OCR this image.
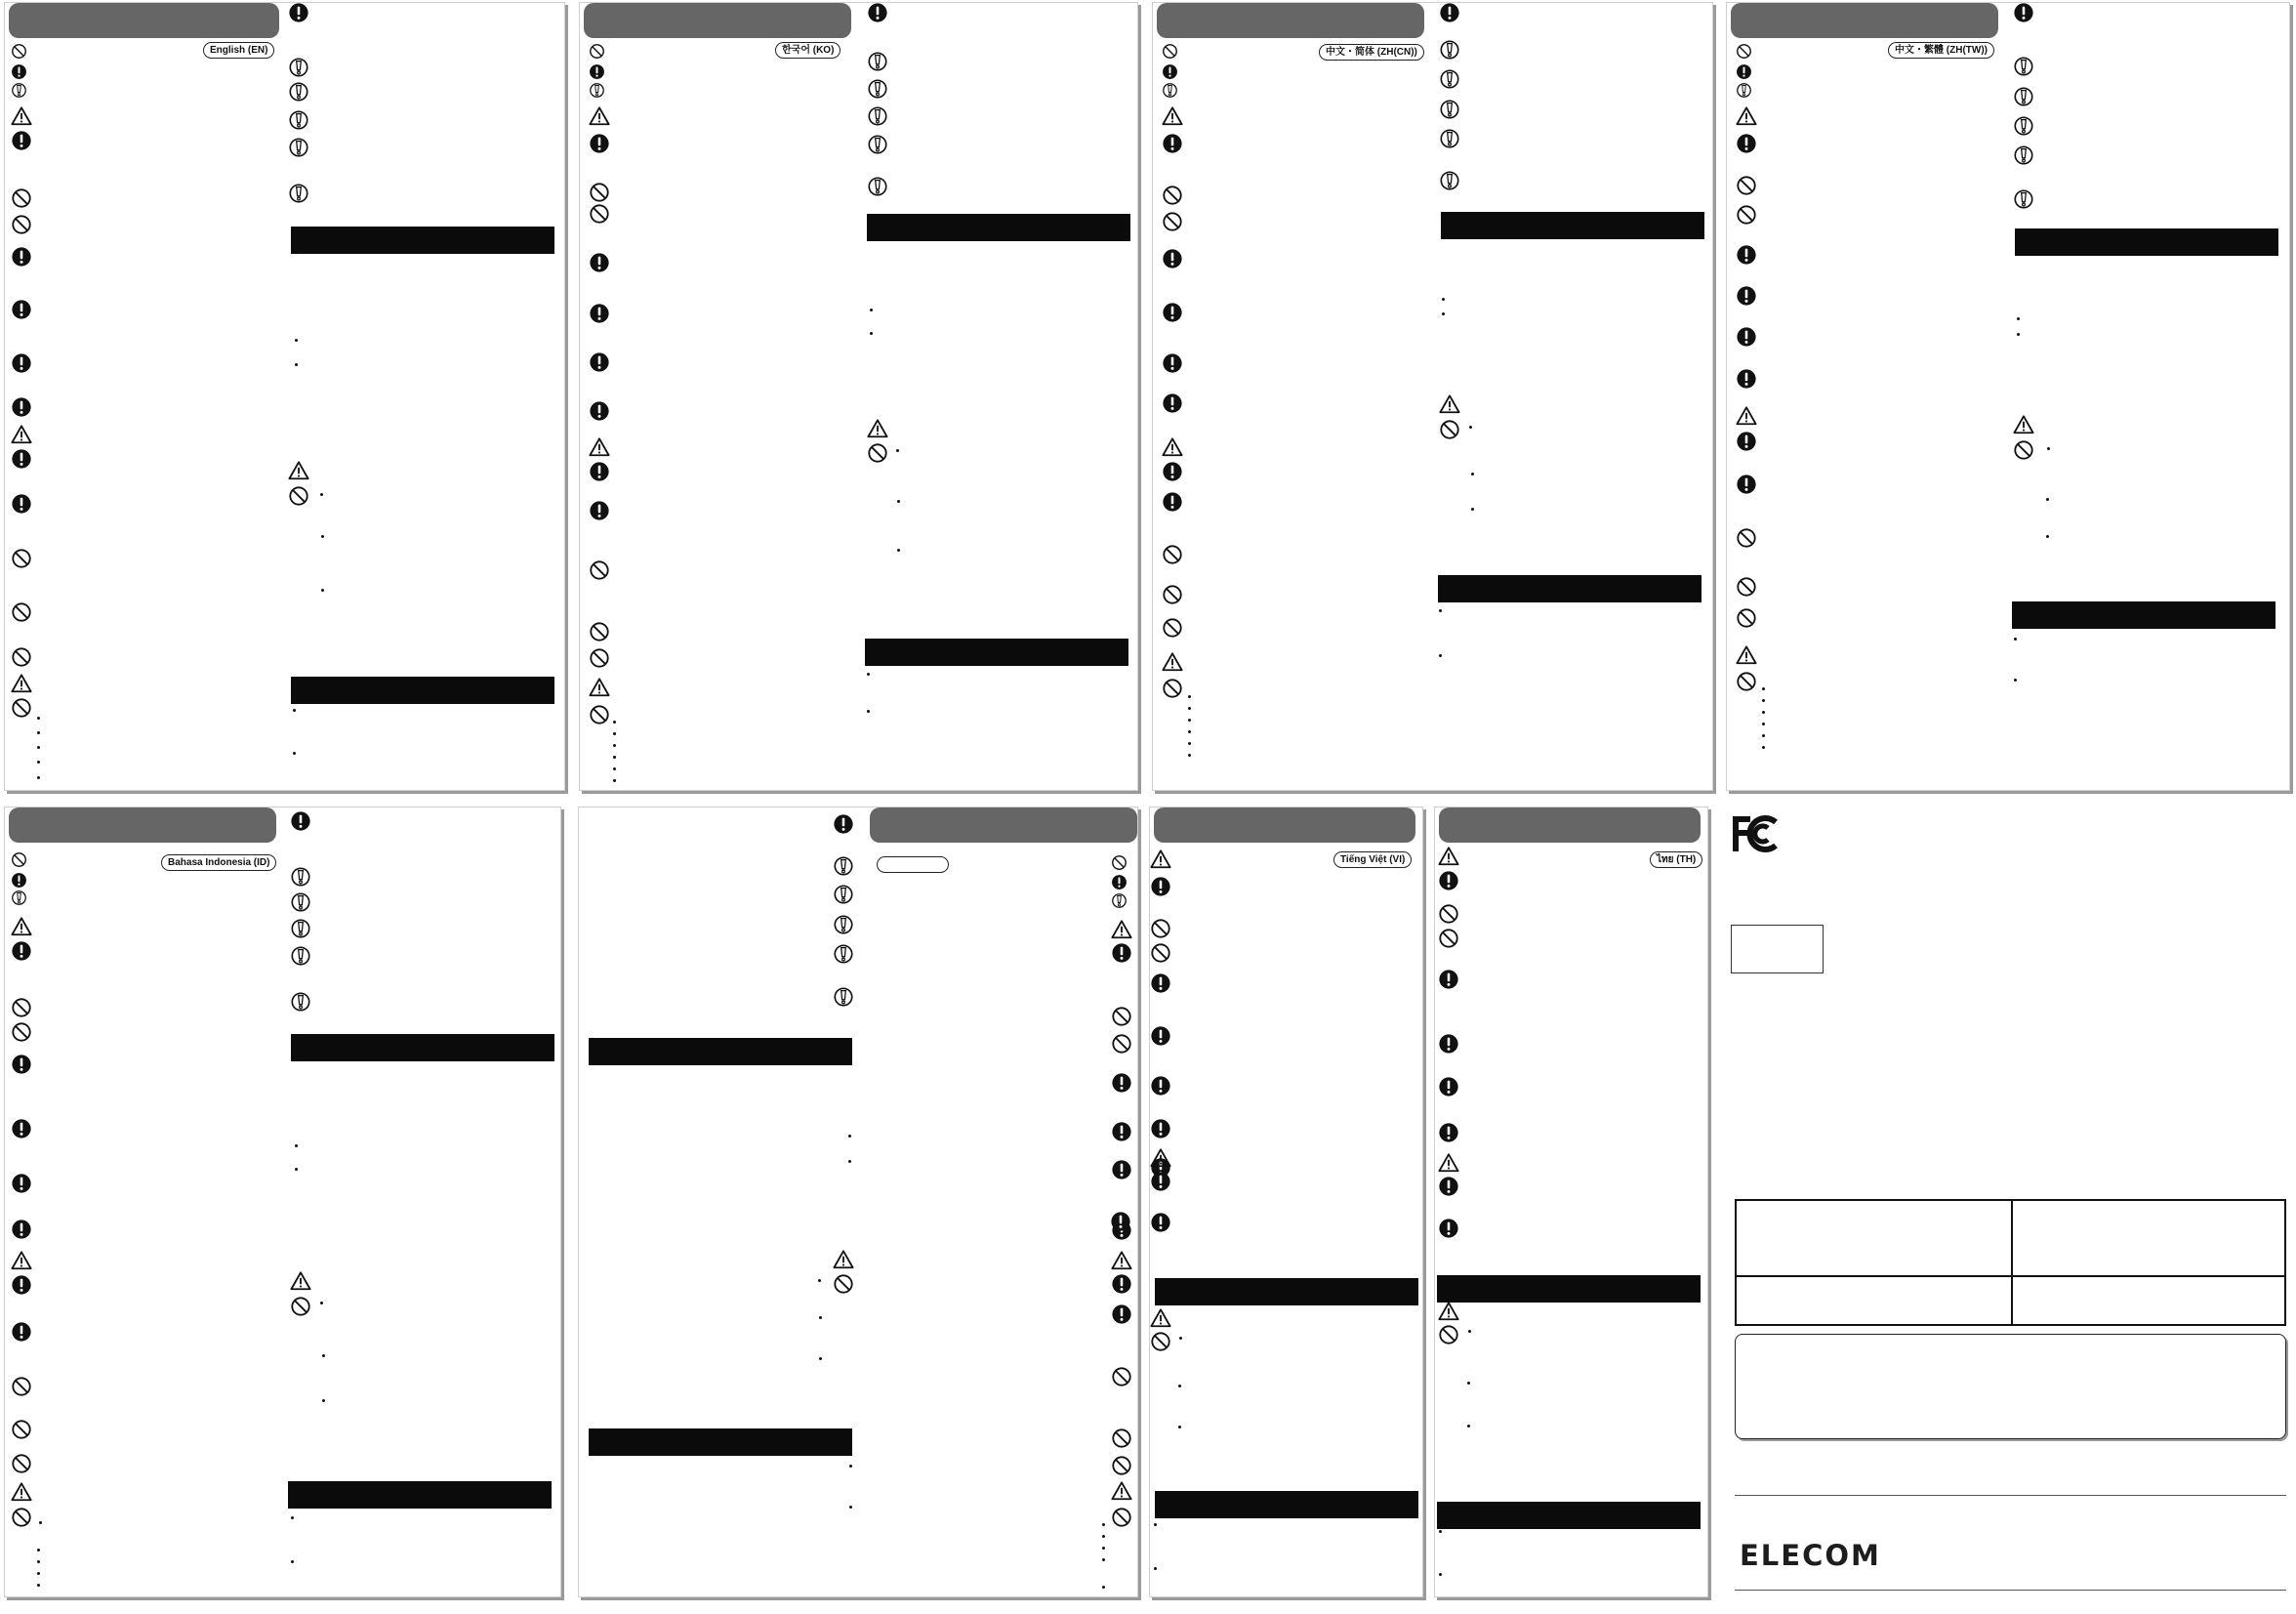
English (EN)	한국어 (KO)	中文・简体 (ZH(CN))	中文・繁體 (ZH(TW))
Bahasa Indonesia (ID)	Tiếng Việt (VI)	ไทย (TH)
ELECOM
